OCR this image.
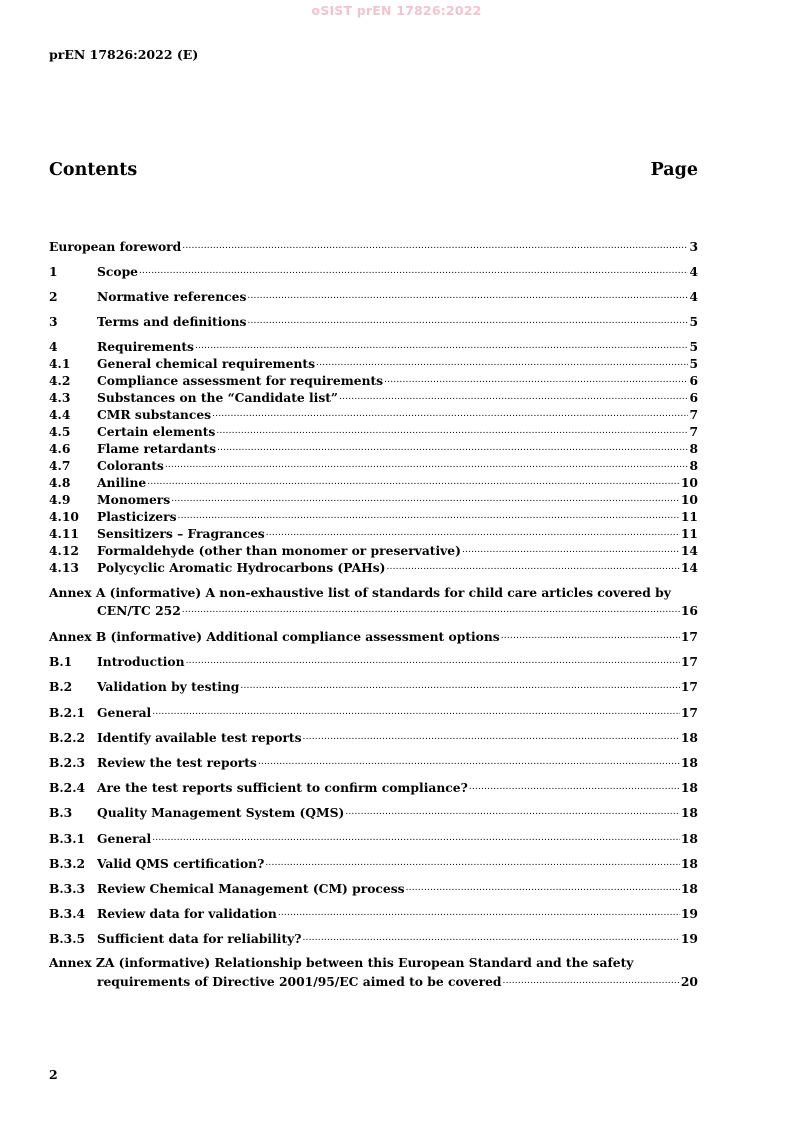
oSIST prEN 17826:2022
prEN 17826:2022 (E)
Contents	Page
European foreword .....	3
1	Scope .....	4
2	Normative references .....	4
3	Terms and definitions .....	5
4	Requirements .....	5
4.1	General chemical requirements .....	5
4.2	Compliance assessment for requirements .....	6
4.3	Substances on the “Candidate list” .....	6
4.4	CMR substances .....	7
4.5	Certain elements .....	7
4.6	Flame retardants .....	8
4.7	Colorants .....	8
4.8	Aniline .....	10
4.9	Monomers .....	10
4.10	Plasticizers .....	11
4.11	Sensitizers – Fragrances .....	11
4.12	Formaldehyde (other than monomer or preservative) .....	14
4.13	Polycyclic Aromatic Hydrocarbons (PAHs) .....	14
Annex A (informative) A non-exhaustive list of standards for child care articles covered by
CEN/TC 252 .....	16
Annex B (informative) Additional compliance assessment options .....	17
B.1	Introduction .....	17
B.2	Validation by testing .....	17
B.2.1 General .....	17
B.2.2 Identify available test reports .....	18
B.2.3 Review the test reports .....	18
B.2.4 Are the test reports sufficient to confirm compliance? .....	18
B.3	Quality Management System (QMS) .....	18
B.3.1 General .....	18
B.3.2 Valid QMS certification? .....	18
B.3.3 Review Chemical Management (CM) process .....	18
B.3.4 Review data for validation .....	19
B.3.5 Sufficient data for reliability? .....	19
Annex ZA (informative) Relationship between this European Standard and the safety
requirements of Directive 2001/95/EC aimed to be covered .....	20
2
